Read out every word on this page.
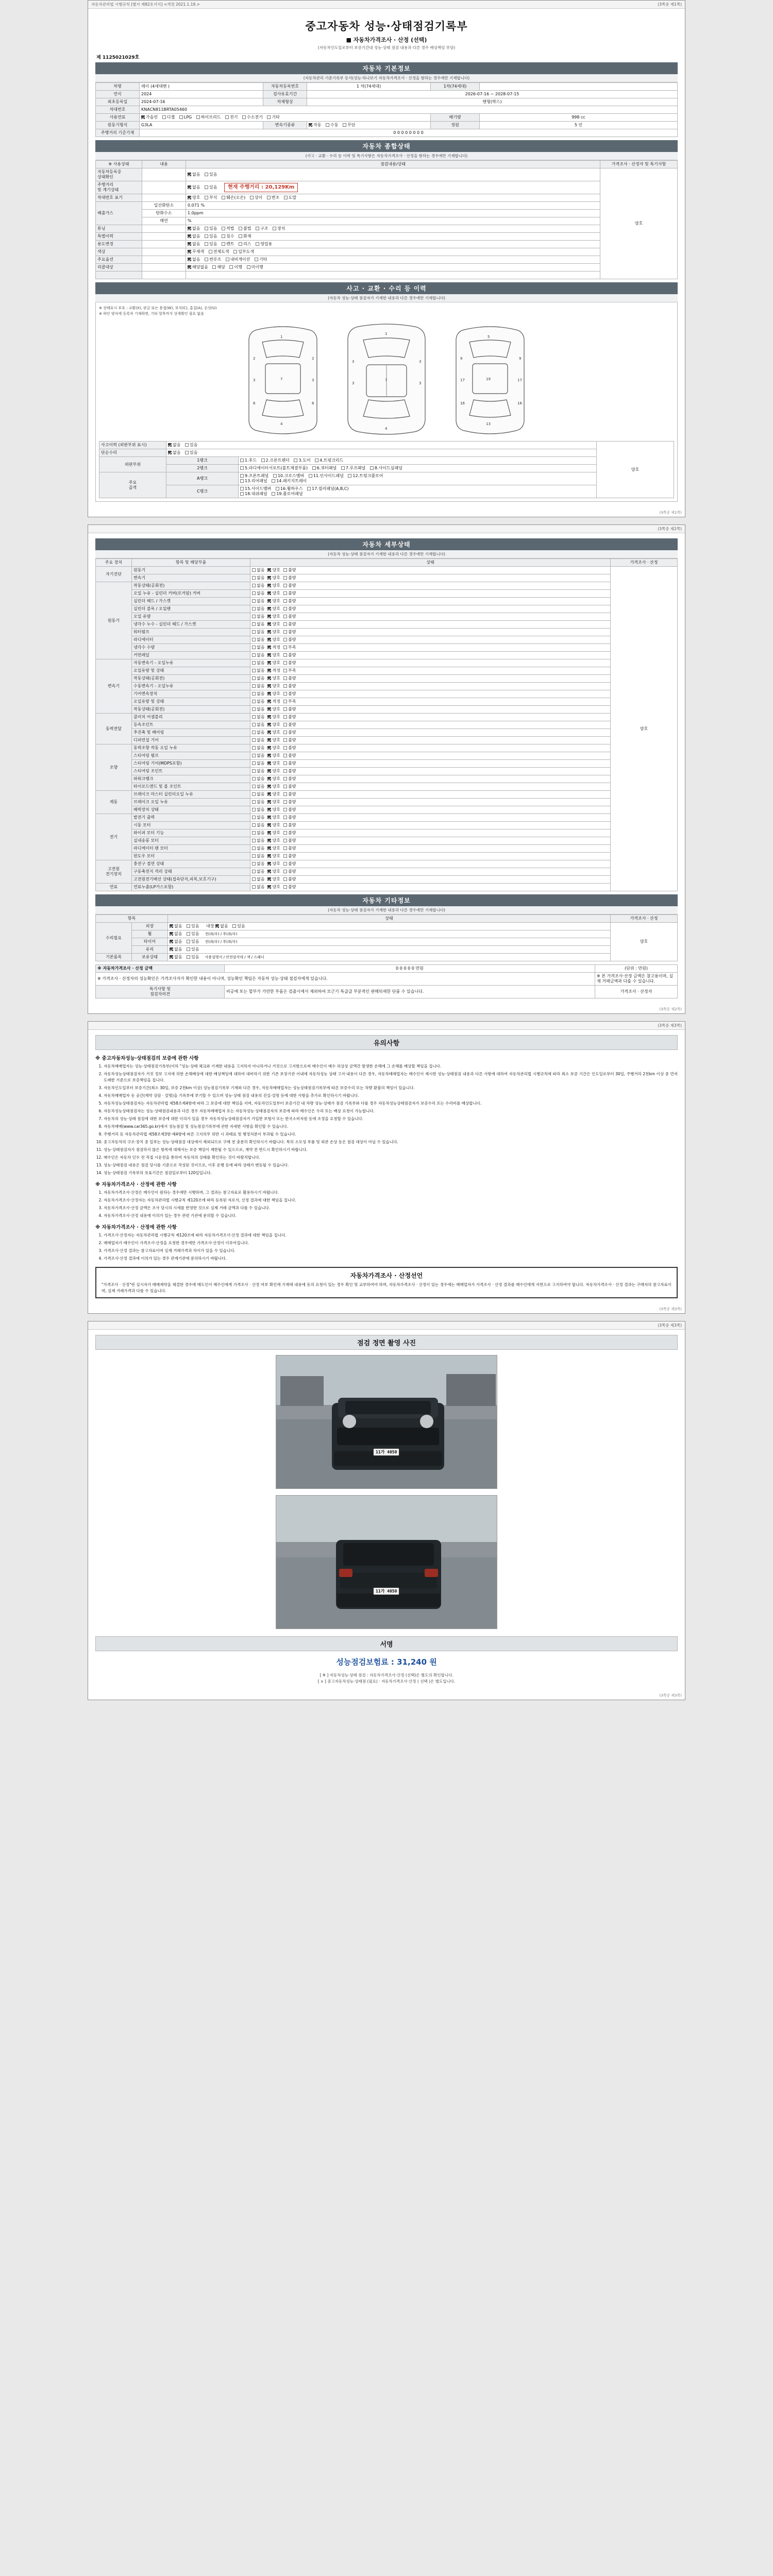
자동차관리법 시행규칙 [별지 제82호서식] <개정 2021.1.19.>	(3쪽중 제1쪽)
중고자동차 성능·상태점검기록부
■ 자동차가격조사 · 산정 (선택)
(자동차인도일로부터 보증기간내 성능·상태 점검 내용과 다른 경우 배상책임 부담)
제 1125021029호
자동차 기본정보
(자동차관리 기준기록부 등서(성능·하나보기 자동차가격조사 · 산정을 함하는 경우에만 기재합니다)
차명	레이 (4세대밴 )	자동차등록번호	1 차(74세대)	1차(74세대)	
연식	2024	검사유효기간	2026-07-16 ~ 2028-07-15		
최초등록일	2024-07-16	차체형상	밴형(박스)		
차대번호	KNACN811BRTA05460				
사용연료	가솔린 디젤 LPG 하이브리드 전기 수소전기 기타			배기량	998 cc
원동기형식	G3LA	변속기종류	자동 수동 무단	정원	5 인
주행거리 기준기재	0 0 0 0 0 0 0 0				
자동차 종합상태
(사고 · 교환 · 수리 등 이력 및 특기사항은 자동차가격조사 · 산정을 함하는 경우에만 기재합니다)
※ 사용상태	내용	점검내용/상태	가격조사 · 산정자 및 특기사항
자동차등록증
상태확인		없음 있음	양호
주행거리
및 계기상태		없음 있음 현재 주행거리 : 20,129Km	
차대번호 표기		양호 부식 훼손(오손) 상이 변조 도말	
배출가스	일산화탄소	0.071 %	
	탄화수소	1.0ppm	
	매연	%	
튜닝		없음 있음 적법 불법 구조 장치	
특별이력		없음 있음 침수 화재	
용도변경		없음 있음 렌트 리스 영업용	
색상		무채색 전체도색 일부도색	
주요옵션		없음 썬루프 내비게이션 기타	
리콜대상		해당없음 해당 이행 미이행	

사고 · 교환 · 수리 등 이력
(자동차 성능·상태 점검자가 기재한 내용과 다른 경우에만 기재합니다)
※ 상태표시 부호 : 교환(X), 판금 또는 용접(W), 부식(C), 흠집(A), 손상(U)
※ 하단 양식에 등록차 기재하면, 기타 항목까지 상세확인 필요 없음
1
2	2
3	3
7
4
6	6
1
3	3
3	3
7
4
5
9	9
17	17
19
13
16	16
사고이력 (외판부위 표시)	없음 있음		양호
단순수리	없음 있음		
외판부위	1랭크	1.후드 2.프론트펜더 3.도어 4.트렁크리드	
	2랭크	5.라디에이터서포트(볼트체결부품) 6.쿼터패널 7.루프패널 8.사이드실패널	
주요
골격	A랭크	9.프론트패널 10.크로스멤버 11.인사이드패널 12.트렁크플로어
13.리어패널 14.패키지트레이	
	C랭크	15.사이드멤버 16.휠하우스 17.필러패널(A,B,C)
18.대쉬패널 19.플로어패널	
(3쪽중 제1쪽)

(3쪽중 제2쪽)
자동차 세부상태
(자동차 성능·상태 점검자가 기재한 내용과 다른 경우에만 기재합니다)
주요 장치	항목 및 해당부품	상태	가격조사 · 산정
자기진단	원동기	없음 양호 불량	양호
	변속기	없음 양호 불량	
원동기	작동상태(공회전)	없음 양호 불량	
	오일 누유 - 실린더 커버(로커암) 커버	없음 양호 불량	
	실린더 헤드 / 가스켓	없음 양호 불량	
	실린더 블록 / 오일팬	없음 양호 불량	
	오일 유량	없음 양호 불량	
	냉각수 누수 - 실린더 헤드 / 가스켓	없음 양호 불량	
	워터펌프	없음 양호 불량	
	라디에이터	없음 양호 불량	
	냉각수 수량	없음 적정 부족	
	커먼레일	없음 양호 불량	
변속기	자동변속기 - 오일누유	없음 양호 불량	
	오일유량 및 상태	없음 적정 부족	
	작동상태(공회전)	없음 양호 불량	
	수동변속기 - 오일누유	없음 양호 불량	
	기어변속장치	없음 양호 불량	
	오일유량 및 상태	없음 적정 부족	
	작동상태(공회전)	없음 양호 불량	
동력전달	클러치 어셈블리	없음 양호 불량	
	등속조인트	없음 양호 불량	
	추진축 및 베어링	없음 양호 불량	
	디퍼런셜 기어	없음 양호 불량	
조향	동력조향 작동 오일 누유	없음 양호 불량	
	스티어링 펌프	없음 양호 불량	
	스티어링 기어(MDPS포함)	없음 양호 불량	
	스티어링 조인트	없음 양호 불량	
	파워크랭크	없음 양호 불량	
	타이로드엔드 및 볼 조인트	없음 양호 불량	
제동	브레이크 마스터 실린더오일 누유	없음 양호 불량	
	브레이크 오일 누유	없음 양호 불량	
	배력장치 상태	없음 양호 불량	
전기	발전기 출력	없음 양호 불량	
	시동 모터	없음 양호 불량	
	와이퍼 모터 기능	없음 양호 불량	
	실내송풍 모터	없음 양호 불량	
	라디에이터 팬 모터	없음 양호 불량	
	윈도우 모터	없음 양호 불량	
고전원
전기장치	충전구 절연 상태	없음 양호 불량	
	구동축전지 격리 상태	없음 양호 불량	
	고전원전기배선 상태(접속단자,피복,보호기구)	없음 양호 불량	
연료	연료누출(LP가스포함)	없음 양호 불량	
자동차 기타정보
(자동차 성능·상태 점검자가 기재한 내용과 다른 경우에만 기재합니다)
항목		상태	가격조사 · 산정
수리필요	외장	없음 있음 내장 없음 있음	양호
	휠	없음 있음 전(좌/우) / 후(좌/우)	
	타이어	없음 있음 전(좌/우) / 후(좌/우)	
	유리	없음 있음	
기본품목	보유상태	없음 있음 사용설명서 / 안전삼각대 / 잭 / 스패너	
※ 자동차가격조사 · 산정 금액	0 0 0 0 0 만원	(단위 : 만원)
※ 가격조사 · 산정자의 성능확인은 가격조사자가 확인한 내용이 아니며, 성능확인 책임은 자동차 성능·상태 점검자에게 있습니다.		※ 본 가격조사·산정 금액은 참고용이며, 실제 거래금액과 다를 수 있습니다.
특기사항 및
점검자의견	비공에 또는 할부가 가연한 부품은 검출시에서 제외하여 모근기 특급급 부분적인 판매되세한 단품 수 있습니다.	가격조사 · 산정자
(3쪽중 제2쪽)

(3쪽중 제3쪽)
유의사항
※ 중고자동차성능·상태점검의 보증에 관한 사항
1. 자동차매매업자는 성능·상태점검기록부(이하 "성능·상태 체크와 기재한 내용을 고지하지 아니하거나 거짓으로 고지함으로써 매수인이 매수 허상상 금액간 발생한 손해에 그 손해를 배상할 책임을 집니다.
2. 자동차성능상태점검자가 거짓 정보 고지에 의한 손해배상에 대한 배상책임에 대하여 대비하기 위한 기존 보장기관 이내에 자동차성능 상태 고지·내용이 다른 경우, 자동차매매업자는 매수인이 제시한 성능·상태점검 내용과 다른 사항에 대하여 자동차관리법 시행규칙에 따라 최소 보증 기간은 인도일로부터 30일, 주행거리 2천km 이상 중 먼저 도래한 기준으로 보증책임을 집니다.
3. 자동차인도일부터 보증기간(최소 30일, 보증 2천km 이상) 성능점검기록부 기재와 다른 경우, 자동차매매업자는 성능상태점검기록부에 따른 보증수리 또는 차량 환불의 책임이 있습니다.
4. 자동차매매업자 등 공간(계약 상담 · 설명)을 기록부에 부기할 수 있으며 성능·상태 점검 내용의 진실·설명 등에 대한 사항을 추가로 확인하시기 바랍니다.
5. 자동차성능상태점검자는 자동차관리법 제58조제4항에 따라 그 보증에 대한 책임을 지며, 자동차인도일부터 보증기간 내 차량 성능·상태가 점검 기록부와 다를 경우 자동차성능상태점검자가 보증수리 또는 수리비를 배상합니다.
6. 자동차성능상태점검자는 성능·상태점검내용과 다른 경우 자동차매매업자 또는 자동차성능·상태점검자의 보증에 따라 매수인은 수리 또는 배상 요청이 가능합니다.
7. 자동차의 성능·상태 점검에 대한 보증에 대한 이의가 있을 경우 자동차성능상태점검자가 가입한 보험사 또는 한국소비자원 등에 조정을 요청할 수 있습니다.
8. 자동차매매(www.car365.go.kr)에서 성능점검 및 성능점검기록부에 관한 자세한 사항을 확인할 수 있습니다.
9. 주행거리 등 자동차관리법 제58조제3항·제4항에 따른 고지의무 위반 시 과태료 및 행정처분이 부과될 수 있습니다.
10. 중고자동차의 구조·장치 중 일부는 성능·상태점검 대상에서 제외되므로 구매 전 충분히 확인하시기 바랍니다. 특히 소모성 부품 및 외관 손상 등은 점검 대상이 아닐 수 있습니다.
11. 성능·상태점검자가 점검하지 않은 항목에 대해서는 보증 책임이 제한될 수 있으므로, 계약 전 반드시 확인하시기 바랍니다.
12. 매수인은 자동차 인수 전 직접 시운전을 통하여 자동차의 상태를 확인하는 것이 바람직합니다.
13. 성능·상태점검 내용은 점검 당시를 기준으로 작성된 것이므로, 이후 운행 등에 따라 상태가 변동될 수 있습니다.
14. 성능·상태점검 기록부의 유효기간은 점검일로부터 120일입니다.
※ 자동차가격조사 · 산정에 관한 사항
1. 자동차가격조사·산정은 매수인이 원하는 경우에만 시행하며, 그 결과는 참고자료로 활용하시기 바랍니다.
2. 자동차가격조사·산정자는 자동차관리법 시행규칙 제120조에 따라 등록된 자로서, 산정 결과에 대한 책임을 집니다.
3. 자동차가격조사·산정 금액은 조사 당시의 시세를 반영한 것으로 실제 거래 금액과 다를 수 있습니다.
4. 자동차가격조사·산정 내용에 이의가 있는 경우 관련 기관에 문의할 수 있습니다.
※ 자동차가격조사 · 산정에 관한 사항
1. 가격조사·산정자는 자동차관리법 시행규칙 제120조에 따라 자동차가격조사·산정 결과에 대한 책임을 집니다.
2. 매매업자가 매수인이 가격조사·산정을 요청한 경우에만 가격조사·산정이 이루어집니다.
3. 가격조사·산정 결과는 참고자료이며 실제 거래가격과 차이가 있을 수 있습니다.
4. 가격조사·산정 결과에 이의가 있는 경우 관계기관에 문의하시기 바랍니다.
자동차가격조사 · 산정선언
"가격조사 · 산정"란 실시자가 매매계약을 체결한 경우에 매도인이 매수인에게 가격조사 · 산정 여부 확인에 기재에 내용에 동의 요청이 있는 경우 확인 및 교부하여야 하며, 자동차가격조사 · 산정이 있는 경우에는 매매업자가 가격조사 · 산정 결과를 매수인에게 서면으로 고지하여야 합니다. 자동차가격조사 · 산정 결과는 구매자의 참고자료이며, 실제 거래가격과 다를 수 있습니다.
(3쪽중 제3쪽)

(3쪽중 제3쪽)
점검 정면 촬영 사진
11가 4050
11가 4050
서명
성능점검보험료 : 31,240 원
[ ※ ] 자동차성능·상태 점검 : 자동차가격조사·산정 (선택)은 별도의 확인합니다.
[ ∨ ] 중고자동차성능·상태점 (필요) · 자동차가격조사·산정 ( 선택 )은 별도입니다.
(3쪽중 제3쪽)
